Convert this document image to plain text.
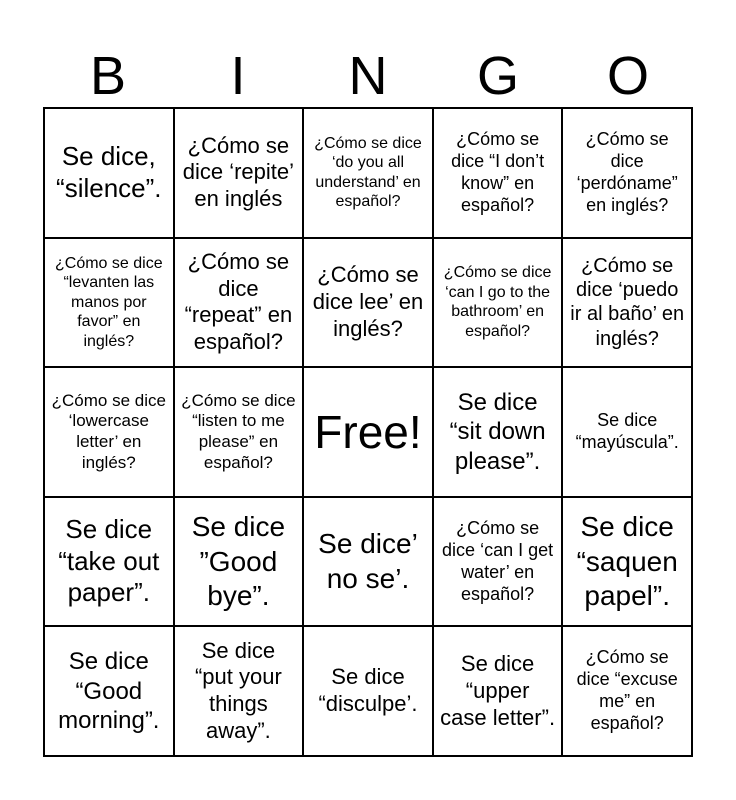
B	I	N	G	O
Se dice, “silence”.
¿Cómo se dice ‘repite’ en inglés
¿Cómo se dice ‘do you all understand’ en español?
¿Cómo se dice “I don’t know” en español?
¿Cómo se dice ‘perdóname” en inglés?
¿Cómo se dice “levanten las manos por favor” en inglés?
¿Cómo se dice “repeat” en español?
¿Cómo se dice lee’ en inglés?
¿Cómo se dice ‘can I go to the bathroom’ en español?
¿Cómo se dice ‘puedo ir al baño’ en inglés?
¿Cómo se dice ‘lowercase letter’ en inglés?
¿Cómo se dice “listen to me please” en español?
Free!
Se dice “sit down please”.
Se dice “mayúscula”.
Se dice “take out paper”.
Se dice ”Good bye”.
Se dice’ no se’.
¿Cómo se dice ‘can I get water’ en español?
Se dice “saquen papel”.
Se dice “Good morning”.
Se dice “put your things away”.
Se dice “disculpe’.
Se dice “upper case letter”.
¿Cómo se dice “excuse me” en español?
